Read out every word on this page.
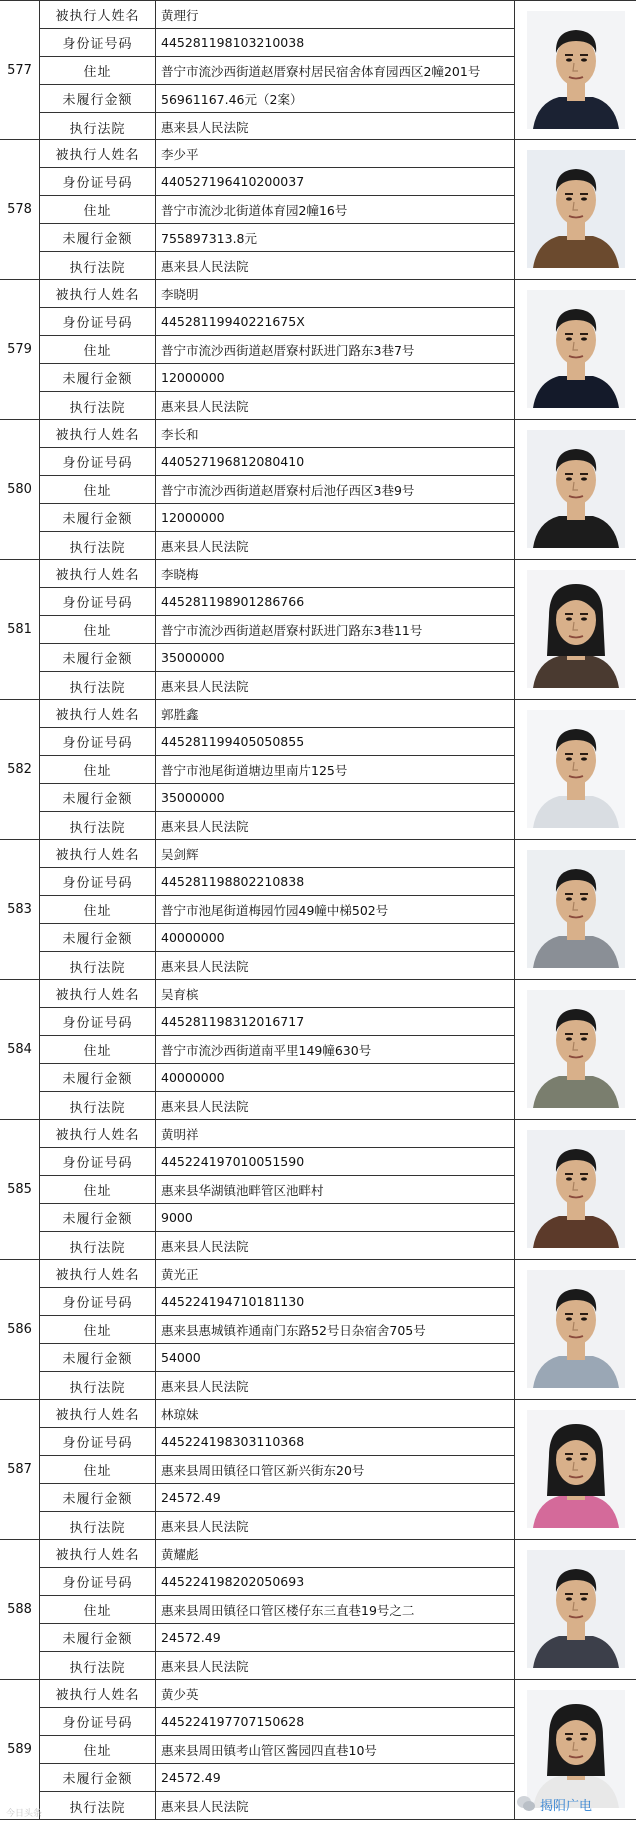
577
被执行人姓名	黄理行
身份证号码	445281198103210038
住址	普宁市流沙西街道赵厝寮村居民宿舍体育园西区2幢201号
未履行金额	56961167.46元（2案）
执行法院	惠来县人民法院
578
被执行人姓名	李少平
身份证号码	440527196410200037
住址	普宁市流沙北街道体育园2幢16号
未履行金额	755897313.8元
执行法院	惠来县人民法院
579
被执行人姓名	李晓明
身份证号码	44528119940221675X
住址	普宁市流沙西街道赵厝寮村跃进门路东3巷7号
未履行金额	12000000
执行法院	惠来县人民法院
580
被执行人姓名	李长和
身份证号码	440527196812080410
住址	普宁市流沙西街道赵厝寮村后池仔西区3巷9号
未履行金额	12000000
执行法院	惠来县人民法院
581
被执行人姓名	李晓梅
身份证号码	445281198901286766
住址	普宁市流沙西街道赵厝寮村跃进门路东3巷11号
未履行金额	35000000
执行法院	惠来县人民法院
582
被执行人姓名	郭胜鑫
身份证号码	445281199405050855
住址	普宁市池尾街道塘边里南片125号
未履行金额	35000000
执行法院	惠来县人民法院
583
被执行人姓名	吴剑辉
身份证号码	445281198802210838
住址	普宁市池尾街道梅园竹园49幢中梯502号
未履行金额	40000000
执行法院	惠来县人民法院
584
被执行人姓名	吴育槟
身份证号码	445281198312016717
住址	普宁市流沙西街道南平里149幢630号
未履行金额	40000000
执行法院	惠来县人民法院
585
被执行人姓名	黄明祥
身份证号码	445224197010051590
住址	惠来县华湖镇池畔管区池畔村
未履行金额	9000
执行法院	惠来县人民法院
586
被执行人姓名	黄光正
身份证号码	445224194710181130
住址	惠来县惠城镇祚通南门东路52号日杂宿舍705号
未履行金额	54000
执行法院	惠来县人民法院
587
被执行人姓名	林琼妹
身份证号码	445224198303110368
住址	惠来县周田镇径口管区新兴街东20号
未履行金额	24572.49
执行法院	惠来县人民法院
588
被执行人姓名	黄耀彪
身份证号码	445224198202050693
住址	惠来县周田镇径口管区楼仔东三直巷19号之二
未履行金额	24572.49
执行法院	惠来县人民法院
589
被执行人姓名	黄少英
身份证号码	445224197707150628
住址	惠来县周田镇考山管区酱园四直巷10号
未履行金额	24572.49
执行法院	惠来县人民法院
今日头条
揭阳广电
